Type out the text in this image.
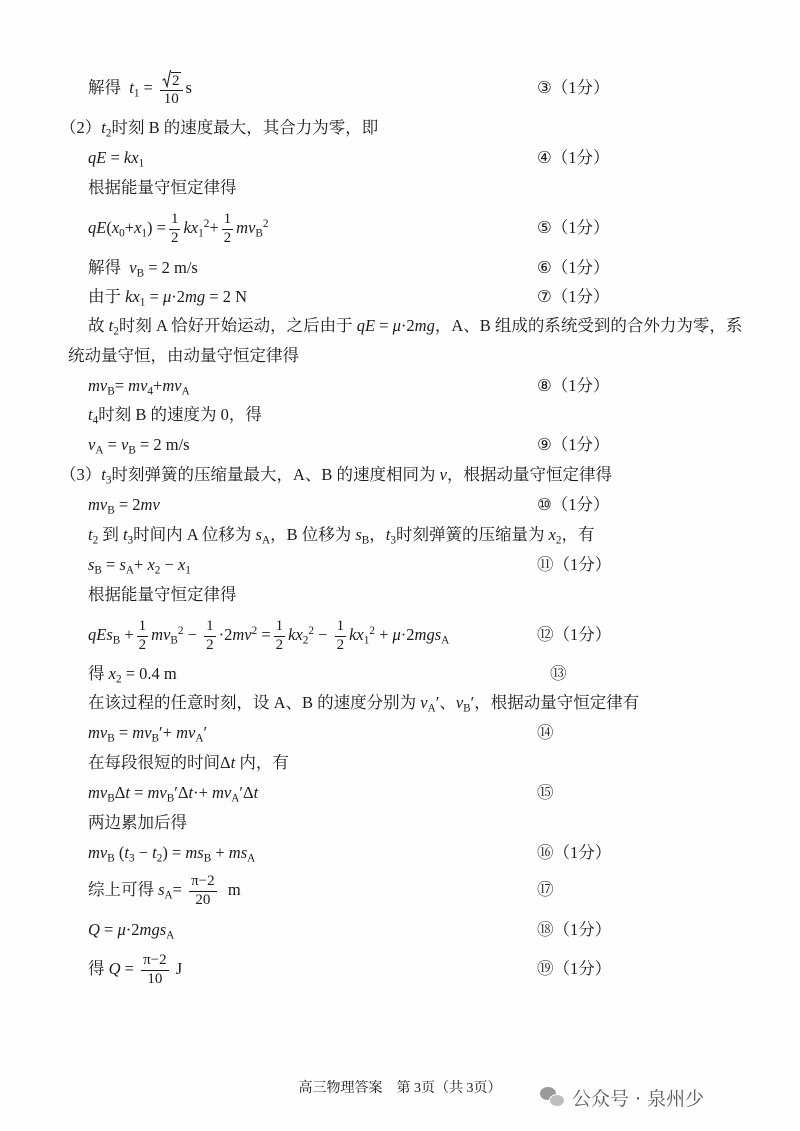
解得  $t_1 = \frac{2}{10}$ s	③（1分）
$(2)t_2$时刻 B 的速度最大，其合力为零，即
qE = $kx_1$	④（1分）
根据能量守恒定律得
$qE(x_0+x_1) = \frac{1}{2} kx_1^2+ \frac{1}{2} mv_B^2$	⑤（1分）
解得  $v_B = 2$ m/s	⑥（1分）
由于 $kx_1 = \mu\cdot 2mg = 2$ N	⑦（1分）
故 $t_2$时刻 A 恰好开始运动，之后由于 qE = μ·2mg，A、B 组成的系统受到的合外力为零，系
统动量守恒，由动量守恒定律得
$mv_B= mv_4+mv_A$	⑧（1分）
$t_4$时刻 B 的速度为 0，得
$v_A = v_B = 2$ m/s	⑨（1分）
$(3)t_3$时刻弹簧的压缩量最大，A、B 的速度相同为 v，根据动量守恒定律得
$mv_B = 2mv$	⑩（1分）
$t_2$ 到 $t_3$时间内 A 位移为 $s_A$，B 位移为 $s_B$，$t_3$时刻弹簧的压缩量为 $x_2$，有
$s_B = s_A+ x_2 - x_1$	⑪（1分）
根据能量守恒定律得
$qEs_B + \frac{1}{2} mv_B^2 - \frac{1}{2} \cdot 2mv^2 = \frac{1}{2} kx_2^2 - \frac{1}{2} kx_1^2 + \mu\cdot 2mgs_A$	⑫（1分）
得 $x_2 = 0.4$ m	⑬
在该过程的任意时刻，设 A、B 的速度分别为 $v_A'$、$v_B'$，根据动量守恒定律有
$mv_B = mv_B'+ mv_A'$	⑭
在每段很短的时间Δt 内，有
$mv_B\Delta t = mv_B'\Delta t\cdot+ mv_A'\Delta t$	⑮
两边累加后得
$mv_B$ $(t_3 - t_2) = ms_B + ms_A$	⑯（1分）
综上可得 $s_A= \frac{\pi-2}{20}$ m	⑰
Q = μ·2mgs$_A$	⑱（1分）
得 $Q = \frac{\pi-2}{10}$ J	⑲（1分）
高三物理答案　第 3页（共 3页）	公众号 · 泉州少
